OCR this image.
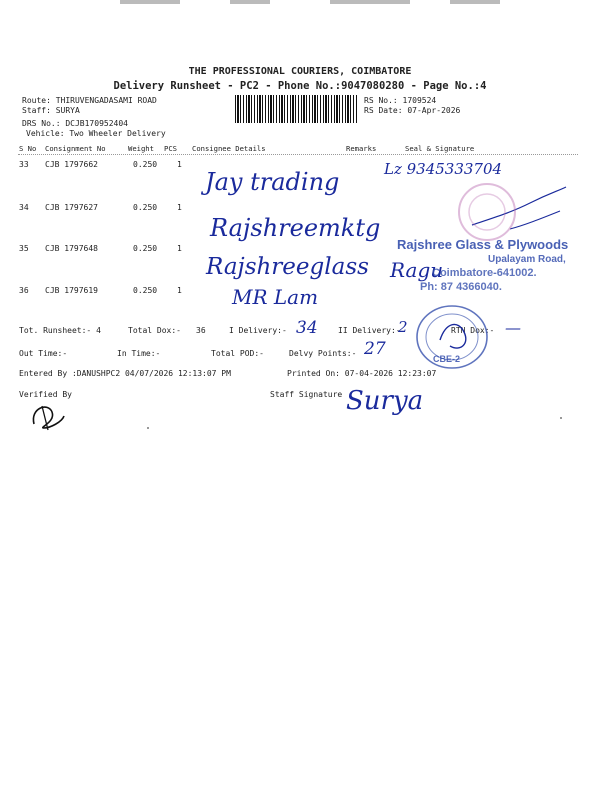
THE PROFESSIONAL COURIERS, COIMBATORE
Delivery Runsheet - PC2 - Phone No.:9047080280 - Page No.:4
Route: THIRUVENGADASAMI ROAD
Staff: SURYA
DRS No.: DCJB170952404
Vehicle: Two Wheeler Delivery
RS No.: 1709524
RS Date: 07-Apr-2026
S No Consignment No	Weight PCS Consignee Details	Remarks	Seal & Signature
33 CJB 1797662	0.250 1
Jay trading
34 CJB 1797627	0.250 1
Rajshreemktg
35 CJB 1797648	0.250 1
Rajshreeglass
36 CJB 1797619	0.250 1	MR Lam
Lz 9345333704
Ragu
Rajshree Glass & Plywoods
Upalayam Road,
Coimbatore-641002.
Ph: 87 4366040.
Tot. Runsheet:- 4	Total Dox:- 36	I Delivery:- 34	II Delivery:-
2	RTN Dox:- —
CBE-2
Out Time:-	In Time:-	Total POD:-	Delvy Points:- 27
Entered By :DANUSHPC2 04/07/2026 12:13:07 PM	Printed On: 07-04-2026 12:23:07
Verified By	Staff Signature Surya
